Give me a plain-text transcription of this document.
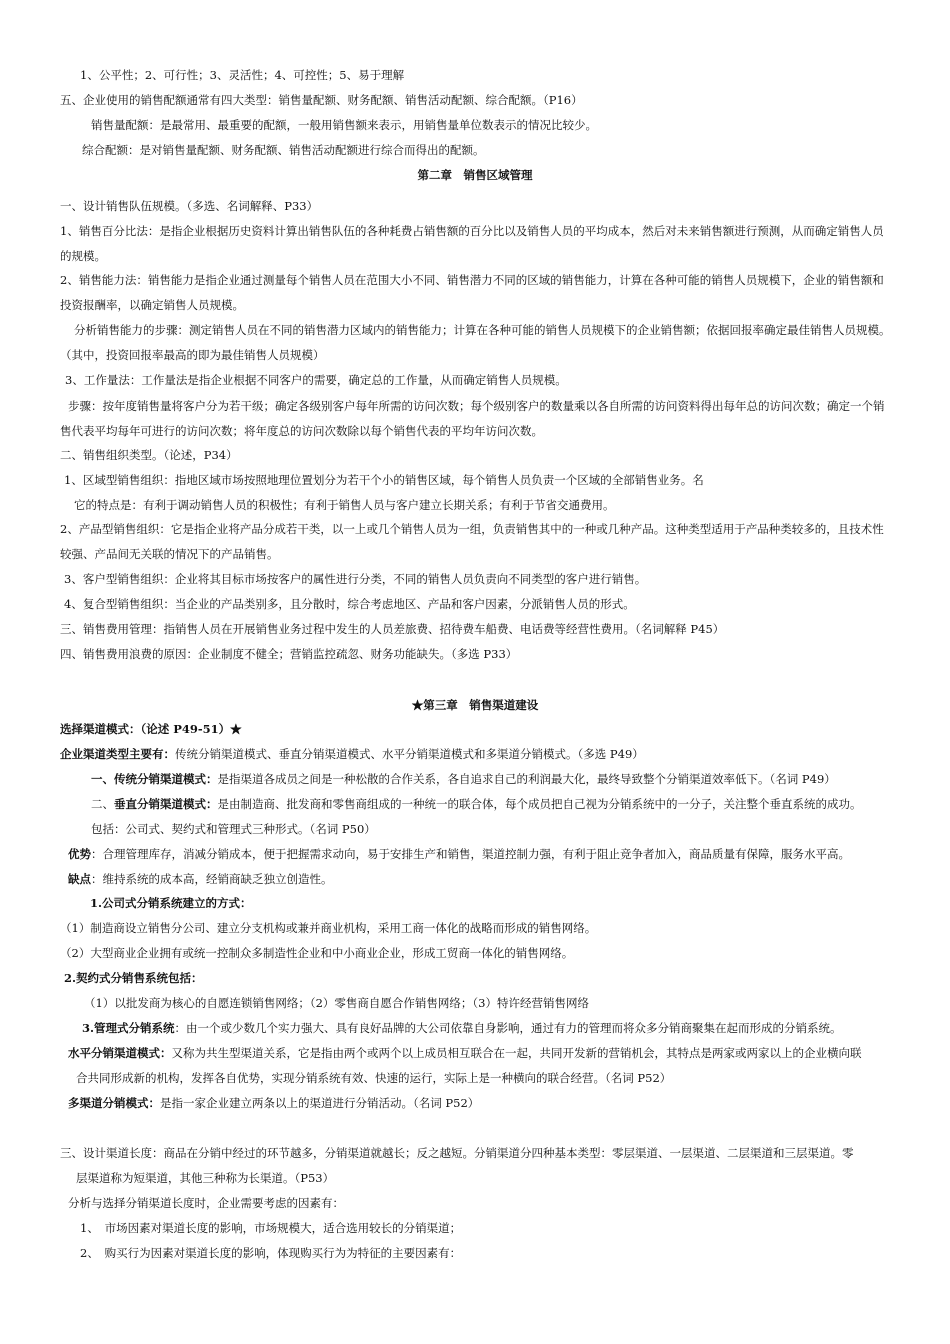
1、公平性；2、可行性；3、灵活性；4、可控性；5、易于理解
五、企业使用的销售配额通常有四大类型：销售量配额、财务配额、销售活动配额、综合配额。（P16）
销售量配额：是最常用、最重要的配额，一般用销售额来表示，用销售量单位数表示的情况比较少。
综合配额：是对销售量配额、财务配额、销售活动配额进行综合而得出的配额。
第二章　销售区域管理
一、设计销售队伍规模。（多选、名词解释、P33）
1、销售百分比法：是指企业根据历史资料计算出销售队伍的各种耗费占销售额的百分比以及销售人员的平均成本，然后对未来销售额进行预测，从而确定销售人员的规模。
2、销售能力法：销售能力是指企业通过测量每个销售人员在范围大小不同、销售潜力不同的区域的销售能力，计算在各种可能的销售人员规模下，企业的销售额和投资报酬率，以确定销售人员规模。
分析销售能力的步骤：测定销售人员在不同的销售潜力区域内的销售能力；计算在各种可能的销售人员规模下的企业销售额；依据回报率确定最佳销售人员规模。（其中，投资回报率最高的即为最佳销售人员规模）
3、工作量法：工作量法是指企业根据不同客户的需要，确定总的工作量，从而确定销售人员规模。
步骤：按年度销售量将客户分为若干级；确定各级别客户每年所需的访问次数；每个级别客户的数量乘以各自所需的访问资料得出每年总的访问次数；确定一个销售代表平均每年可进行的访问次数；将年度总的访问次数除以每个销售代表的平均年访问次数。
二、销售组织类型。（论述，P34）
1、区域型销售组织：指地区域市场按照地理位置划分为若干个小的销售区域，每个销售人员负责一个区域的全部销售业务。名
它的特点是：有利于调动销售人员的积极性；有利于销售人员与客户建立长期关系；有利于节省交通费用。
2、产品型销售组织：它是指企业将产品分成若干类，以一上或几个销售人员为一组，负责销售其中的一种或几种产品。这种类型适用于产品种类较多的，且技术性较强、产品间无关联的情况下的产品销售。
3、客户型销售组织：企业将其目标市场按客户的属性进行分类，不同的销售人员负责向不同类型的客户进行销售。
4、复合型销售组织：当企业的产品类别多，且分散时，综合考虑地区、产品和客户因素，分派销售人员的形式。
三、销售费用管理：指销售人员在开展销售业务过程中发生的人员差旅费、招待费车船费、电话费等经营性费用。（名词解释 P45）
四、销售费用浪费的原因：企业制度不健全；营销监控疏忽、财务功能缺失。（多选 P33）
★第三章　销售渠道建设
选择渠道模式：（论述 P49-51）★
企业渠道类型主要有：传统分销渠道模式、垂直分销渠道模式、水平分销渠道模式和多渠道分销模式。（多选 P49）
一、传统分销渠道模式：是指渠道各成员之间是一种松散的合作关系，各自追求自己的利润最大化，最终导致整个分销渠道效率低下。（名词 P49）
二、垂直分销渠道模式：是由制造商、批发商和零售商组成的一种统一的联合体，每个成员把自己视为分销系统中的一分子，关注整个垂直系统的成功。
包括：公司式、契约式和管理式三种形式。（名词 P50）
优势：合理管理库存，消减分销成本，便于把握需求动向，易于安排生产和销售，渠道控制力强，有利于阻止竞争者加入，商品质量有保障，服务水平高。
缺点：维持系统的成本高，经销商缺乏独立创造性。
1.公司式分销系统建立的方式：
（1）制造商设立销售分公司、建立分支机构或兼并商业机构，采用工商一体化的战略而形成的销售网络。
（2）大型商业企业拥有或统一控制众多制造性企业和中小商业企业，形成工贸商一体化的销售网络。
2.契约式分销售系统包括：
（1）以批发商为核心的自愿连锁销售网络；（2）零售商自愿合作销售网络；（3）特许经营销售网络
3.管理式分销系统：由一个或少数几个实力强大、具有良好品牌的大公司依靠自身影响，通过有力的管理而将众多分销商聚集在起而形成的分销系统。
水平分销渠道模式：又称为共生型渠道关系，它是指由两个或两个以上成员相互联合在一起，共同开发新的营销机会，其特点是两家或两家以上的企业横向联
合共同形成新的机构，发挥各自优势，实现分销系统有效、快速的运行，实际上是一种横向的联合经营。（名词 P52）
多渠道分销模式：是指一家企业建立两条以上的渠道进行分销活动。（名词 P52）
三、设计渠道长度：商品在分销中经过的环节越多，分销渠道就越长；反之越短。分销渠道分四种基本类型：零层渠道、一层渠道、二层渠道和三层渠道。零
层渠道称为短渠道，其他三种称为长渠道。（P53）
分析与选择分销渠道长度时，企业需要考虑的因素有：
1、　市场因素对渠道长度的影响，市场规模大，适合选用较长的分销渠道；
2、　购买行为因素对渠道长度的影响，体现购买行为为特征的主要因素有：
